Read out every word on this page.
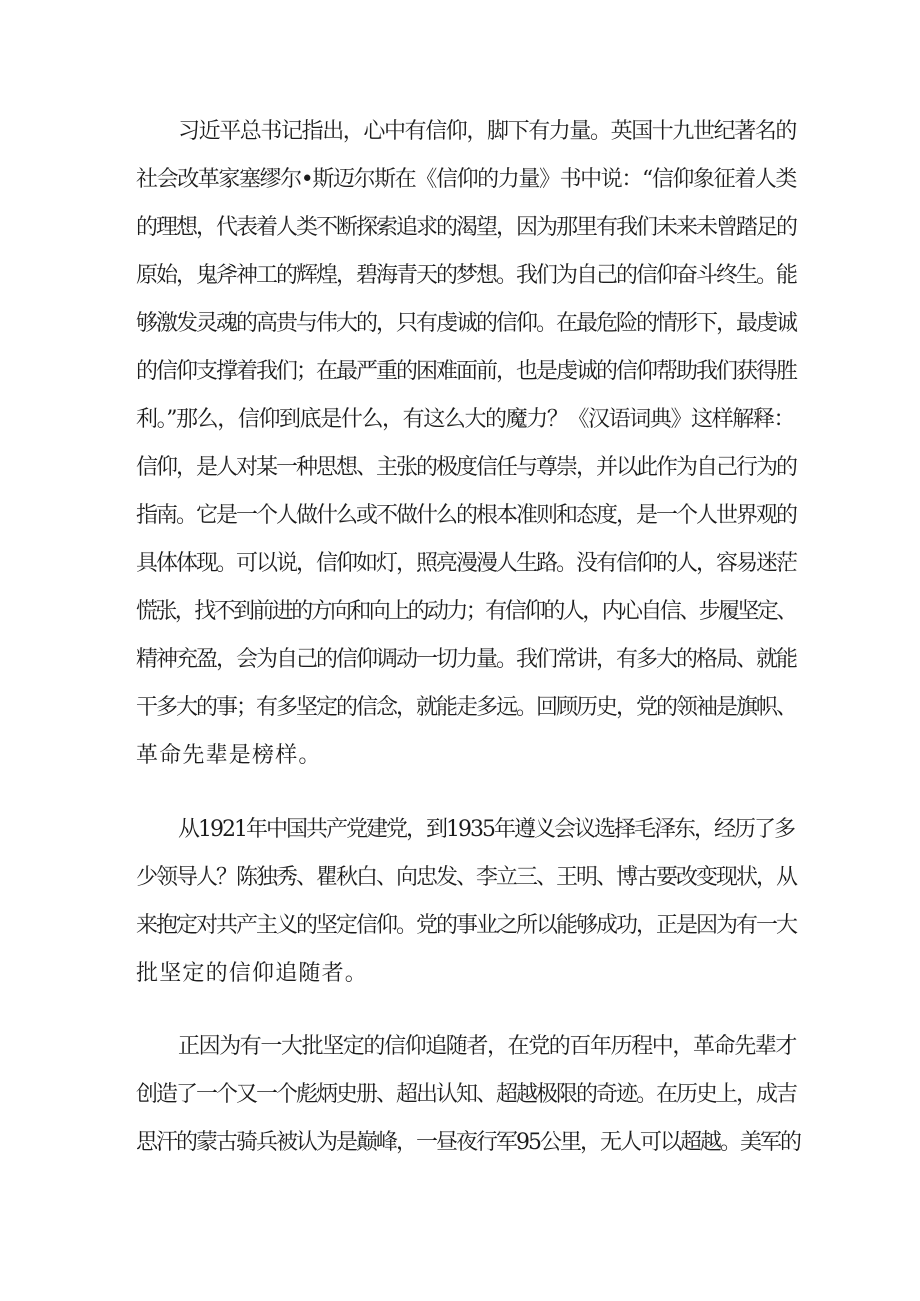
习近平总书记指出，心中有信仰，脚下有力量。英国十九世纪著名的
社会改革家塞缪尔•斯迈尔斯在《信仰的力量》书中说：“信仰象征着人类
的理想，代表着人类不断探索追求的渴望，因为那里有我们未来未曾踏足的
原始，鬼斧神工的辉煌，碧海青天的梦想。我们为自己的信仰奋斗终生。能
够激发灵魂的高贵与伟大的，只有虔诚的信仰。在最危险的情形下，最虔诚
的信仰支撑着我们；在最严重的困难面前，也是虔诚的信仰帮助我们获得胜
利。”那么，信仰到底是什么，有这么大的魔力？《汉语词典》这样解释：
信仰，是人对某一种思想、主张的极度信任与尊崇，并以此作为自己行为的
指南。它是一个人做什么或不做什么的根本准则和态度，是一个人世界观的
具体体现。可以说，信仰如灯，照亮漫漫人生路。没有信仰的人，容易迷茫
慌张，找不到前进的方向和向上的动力；有信仰的人，内心自信、步履坚定、
精神充盈，会为自己的信仰调动一切力量。我们常讲，有多大的格局、就能
干多大的事；有多坚定的信念，就能走多远。回顾历史，党的领袖是旗帜、
革命先辈是榜样。
从1921年中国共产党建党，到1935年遵义会议选择毛泽东，经历了多
少领导人？陈独秀、瞿秋白、向忠发、李立三、王明、博古要改变现状，从
来抱定对共产主义的坚定信仰。党的事业之所以能够成功，正是因为有一大
批坚定的信仰追随者。
正因为有一大批坚定的信仰追随者，在党的百年历程中，革命先辈才
创造了一个又一个彪炳史册、超出认知、超越极限的奇迹。在历史上，成吉
思汗的蒙古骑兵被认为是巅峰，一昼夜行军95公里，无人可以超越。美军的
